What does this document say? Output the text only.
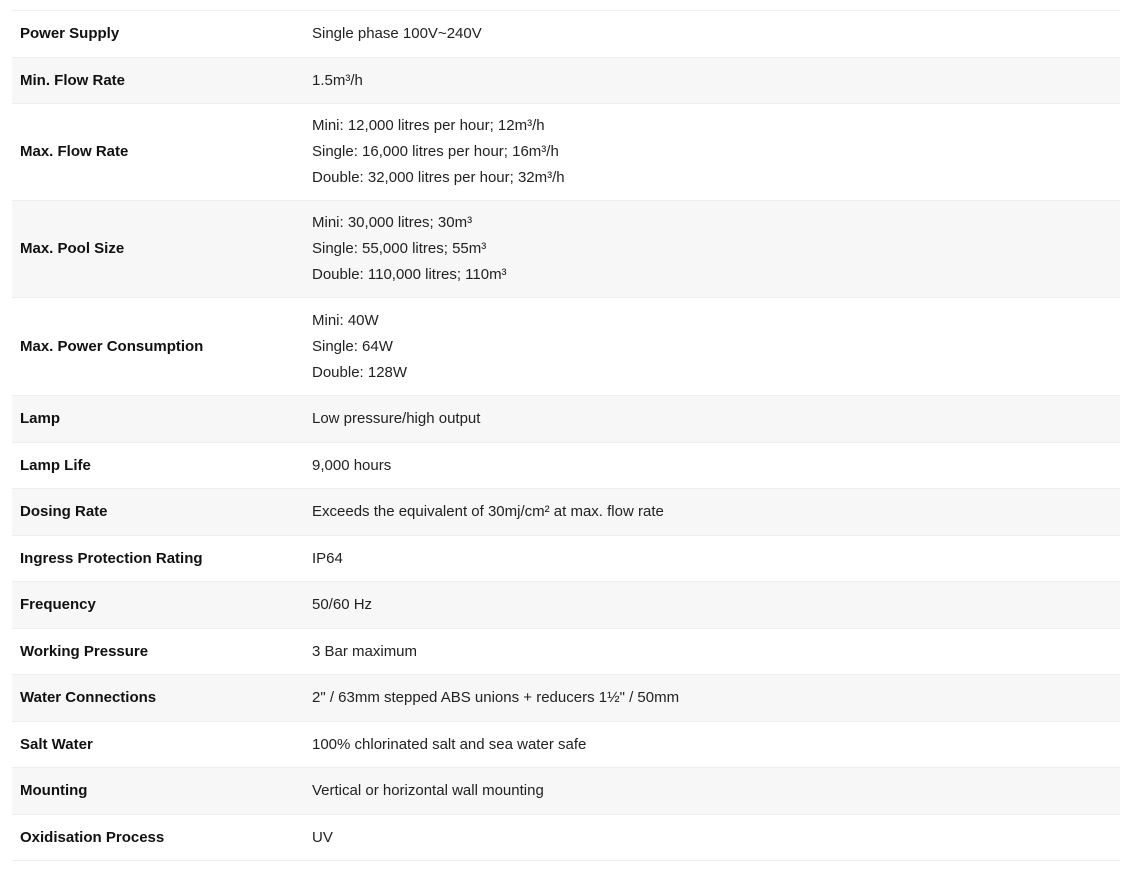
Power Supply	Single phase 100V~240V

Min. Flow Rate	1.5m³/h

Max. Flow Rate	Mini: 12,000 litres per hour; 12m³/h
Single: 16,000 litres per hour; 16m³/h
Double: 32,000 litres per hour; 32m³/h

Max. Pool Size	Mini: 30,000 litres; 30m³
Single: 55,000 litres; 55m³
Double: 110,000 litres; 110m³

Max. Power Consumption	Mini: 40W
Single: 64W
Double: 128W

Lamp	Low pressure/high output

Lamp Life	9,000 hours

Dosing Rate	Exceeds the equivalent of 30mj/cm² at max. flow rate

Ingress Protection Rating	IP64

Frequency	50/60 Hz

Working Pressure	3 Bar maximum

Water Connections	2" / 63mm stepped ABS unions + reducers 1½" / 50mm

Salt Water	100% chlorinated salt and sea water safe

Mounting	Vertical or horizontal wall mounting

Oxidisation Process	UV
